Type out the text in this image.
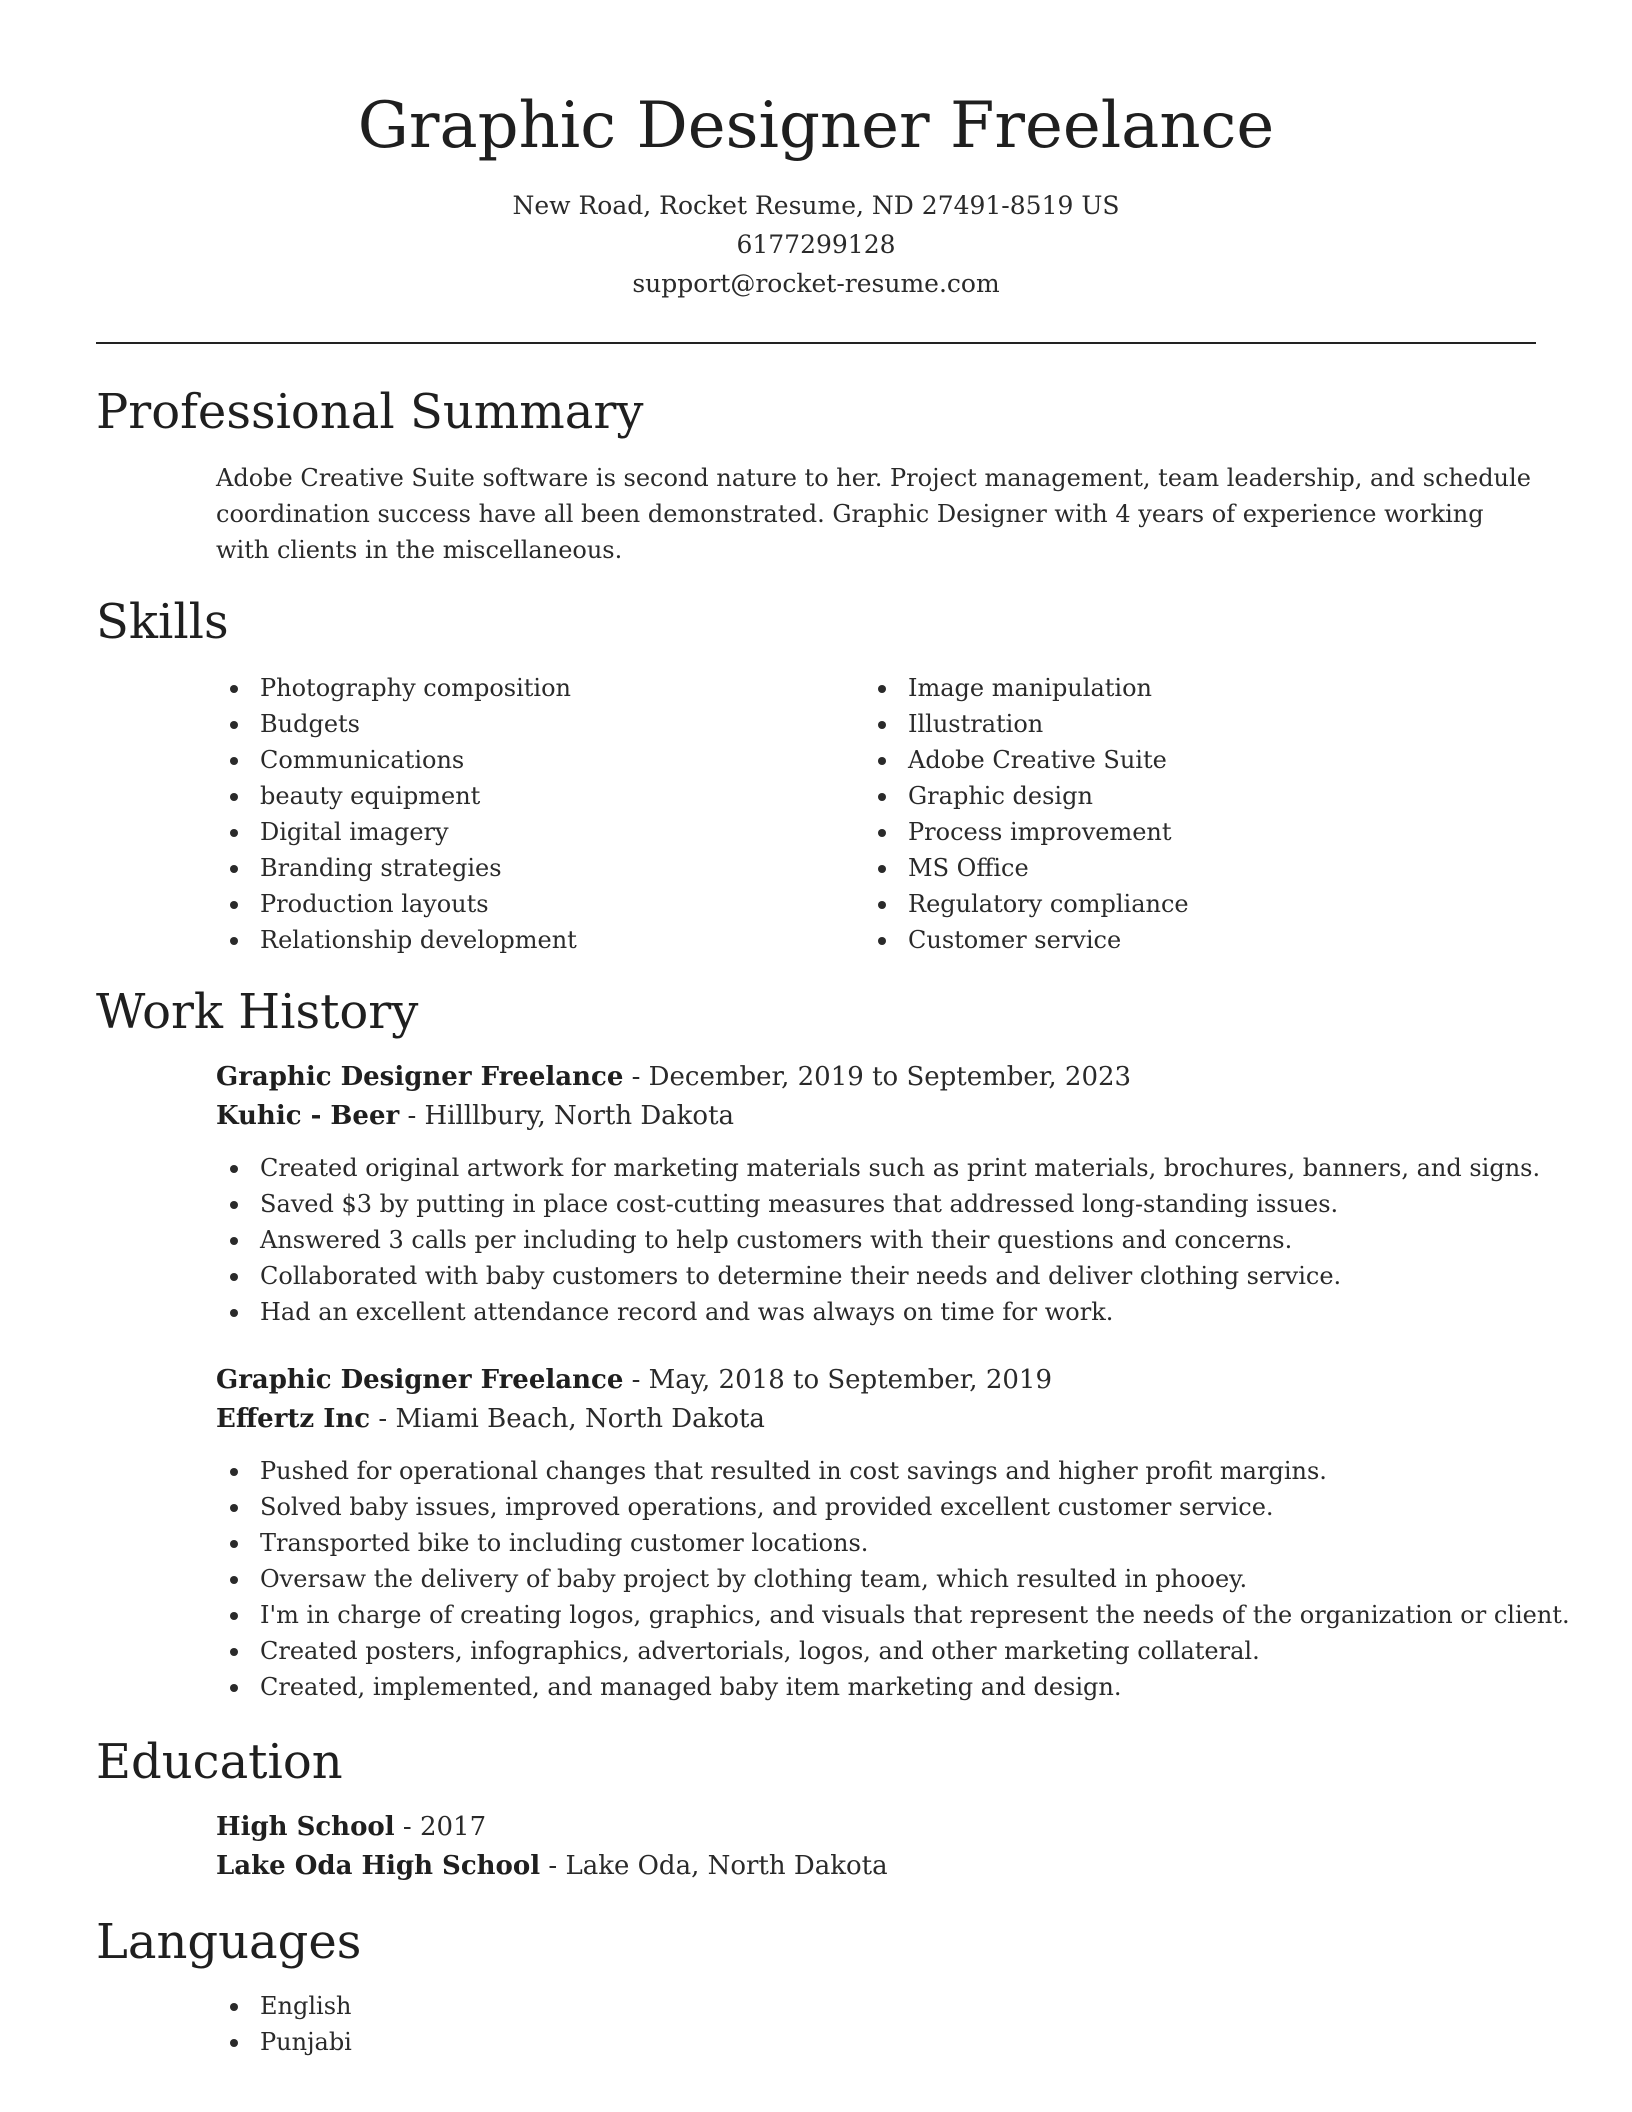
Graphic Designer Freelance
New Road, Rocket Resume, ND 27491-8519 US
6177299128
support@rocket-resume.com
Professional Summary
Adobe Creative Suite software is second nature to her. Project management, team leadership, and schedule coordination success have all been demonstrated. Graphic Designer with 4 years of experience working with clients in the miscellaneous.
Skills
Photography composition
Budgets
Communications
beauty equipment
Digital imagery
Branding strategies
Production layouts
Relationship development
Image manipulation
Illustration
Adobe Creative Suite
Graphic design
Process improvement
MS Office
Regulatory compliance
Customer service
Work History
Graphic Designer Freelance - December, 2019 to September, 2023
Kuhic - Beer - Hilllbury, North Dakota
Created original artwork for marketing materials such as print materials, brochures, banners, and signs.
Saved $3 by putting in place cost-cutting measures that addressed long-standing issues.
Answered 3 calls per including to help customers with their questions and concerns.
Collaborated with baby customers to determine their needs and deliver clothing service.
Had an excellent attendance record and was always on time for work.
Graphic Designer Freelance - May, 2018 to September, 2019
Effertz Inc - Miami Beach, North Dakota
Pushed for operational changes that resulted in cost savings and higher profit margins.
Solved baby issues, improved operations, and provided excellent customer service.
Transported bike to including customer locations.
Oversaw the delivery of baby project by clothing team, which resulted in phooey.
I'm in charge of creating logos, graphics, and visuals that represent the needs of the organization or client.
Created posters, infographics, advertorials, logos, and other marketing collateral.
Created, implemented, and managed baby item marketing and design.
Education
High School - 2017
Lake Oda High School - Lake Oda, North Dakota
Languages
English
Punjabi
